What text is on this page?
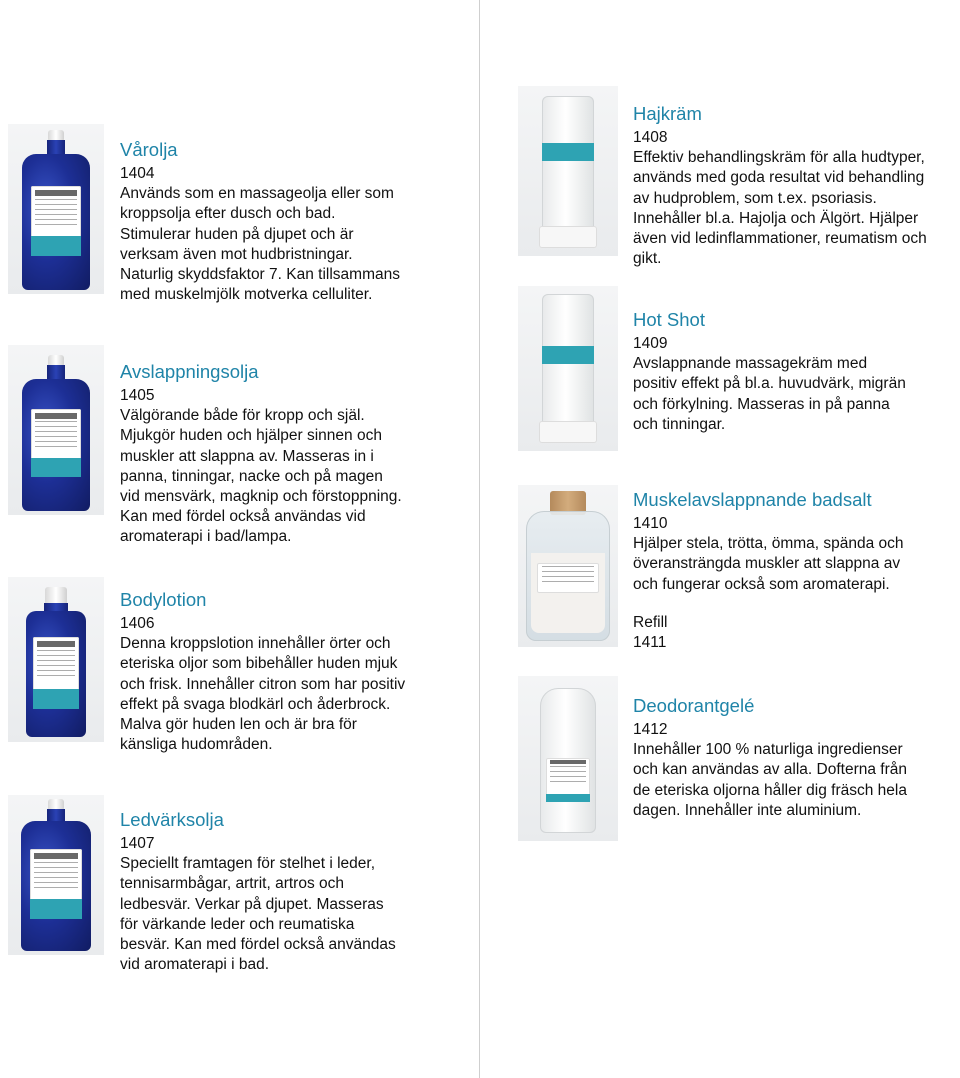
Vårolja
1404
Används som en massageolja eller som
kroppsolja efter dusch och bad.
Stimulerar huden på djupet och är
verksam även mot hudbristningar.
Naturlig skyddsfaktor 7. Kan tillsammans
med muskelmjölk motverka celluliter.
Avslappningsolja
1405
Välgörande både för kropp och själ.
Mjukgör huden och hjälper sinnen och
muskler att slappna av. Masseras in i
panna, tinningar, nacke och på magen
vid mensvärk, magknip och förstoppning.
Kan med fördel också användas vid
aromaterapi i bad/lampa.
Bodylotion
1406
Denna kroppslotion innehåller örter och
eteriska oljor som bibehåller huden mjuk
och frisk. Innehåller citron som har positiv
effekt på svaga blodkärl och åderbrock.
Malva gör huden len och är bra för
känsliga hudområden.
Ledvärksolja
1407
Speciellt framtagen för stelhet i leder,
tennisarmbågar, artrit, artros och
ledbesvär. Verkar på djupet. Masseras
för värkande leder och reumatiska
besvär. Kan med fördel också användas
vid aromaterapi i bad.
Hajkräm
1408
Effektiv behandlingskräm för alla hudtyper,
används med goda resultat vid behandling
av hudproblem, som t.ex. psoriasis.
Innehåller bl.a. Hajolja och Älgört. Hjälper
även vid ledinflammationer, reumatism och
gikt.
Hot Shot
1409
Avslappnande massagekräm med
positiv effekt på bl.a. huvudvärk, migrän
och förkylning. Masseras in på panna
och tinningar.
Muskelavslappnande badsalt
1410
Hjälper stela, trötta, ömma, spända och
överansträngda muskler att slappna av
och fungerar också som aromaterapi.
Refill
1411
Deodorantgelé
1412
Innehåller 100 % naturliga ingredienser
och kan användas av alla. Dofterna från
de eteriska oljorna håller dig fräsch hela
dagen. Innehåller inte aluminium.
